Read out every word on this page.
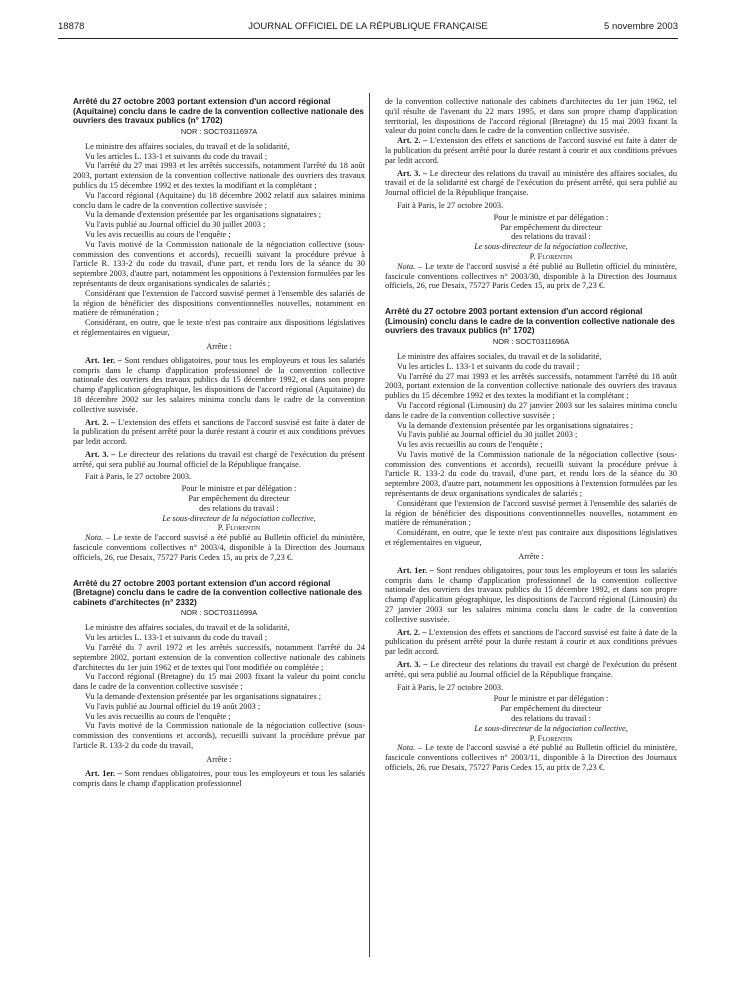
18878	JOURNAL OFFICIEL DE LA RÉPUBLIQUE FRANÇAISE	5 novembre 2003
Arrêté du 27 octobre 2003 portant extension d'un accord régional (Aquitaine) conclu dans le cadre de la convention collective nationale des ouvriers des travaux publics (n° 1702)
NOR : SOCT0311697A

Le ministre des affaires sociales, du travail et de la solidarité,

Vu les articles L. 133-1 et suivants du code du travail ;

Vu l'arrêté du 27 mai 1993 et les arrêtés successifs, notamment l'arrêté du 18 août 2003, portant extension de la convention collective nationale des ouvriers des travaux publics du 15 décembre 1992 et des textes la modifiant et la complétant ;

Vu l'accord régional (Aquitaine) du 18 décembre 2002 relatif aux salaires minima conclu dans le cadre de la convention collective susvisée ;

Vu la demande d'extension présentée par les organisations signataires ;

Vu l'avis publié au Journal officiel du 30 juillet 2003 ;

Vu les avis recueillis au cours de l'enquête ;

Vu l'avis motivé de la Commission nationale de la négociation collective (sous-commission des conventions et accords), recueilli suivant la procédure prévue à l'article R. 133-2 du code du travail, d'une part, et rendu lors de la séance du 30 septembre 2003, d'autre part, notamment les oppositions à l'extension formulées par les représentants de deux organisations syndicales de salariés ;

Considérant que l'extension de l'accord susvisé permet à l'ensemble des salariés de la région de bénéficier des dispositions conventionnelles nouvelles, notamment en matière de rémunération ;

Considérant, en outre, que le texte n'est pas contraire aux dispositions législatives et réglementaires en vigueur,

Arrête :

Art. 1er. – Sont rendues obligatoires, pour tous les employeurs et tous les salariés compris dans le champ d'application professionnel de la convention collective nationale des ouvriers des travaux publics du 15 décembre 1992, et dans son propre champ d'application géographique, les dispositions de l'accord régional (Aquitaine) du 18 décembre 2002 sur les salaires minima conclu dans le cadre de la convention collective susvisée.

Art. 2. – L'extension des effets et sanctions de l'accord susvisé est faite à dater de la publication du présent arrêté pour la durée restant à courir et aux conditions prévues par ledit accord.

Art. 3. – Le directeur des relations du travail est chargé de l'exécution du présent arrêté, qui sera publié au Journal officiel de la République française.

Fait à Paris, le 27 octobre 2003.

Pour le ministre et par délégation :
Par empêchement du directeur
des relations du travail :
Le sous-directeur de la négociation collective,
P. Florentin

Nota. – Le texte de l'accord susvisé a été publié au Bulletin officiel du ministère, fascicule conventions collectives n° 2003/4, disponible à la Direction des Journaux officiels, 26, rue Desaix, 75727 Paris Cedex 15, au prix de 7,23 €.

Arrêté du 27 octobre 2003 portant extension d'un accord régional (Bretagne) conclu dans le cadre de la convention collective nationale des cabinets d'architectes (n° 2332)
NOR : SOCT0311699A

Le ministre des affaires sociales, du travail et de la solidarité,

Vu les articles L. 133-1 et suivants du code du travail ;

Vu l'arrêté du 7 avril 1972 et les arrêtés successifs, notamment l'arrêté du 24 septembre 2002, portant extension de la convention collective nationale des cabinets d'architectes du 1er juin 1962 et de textes qui l'ont modifiée ou complétée ;

Vu l'accord régional (Bretagne) du 15 mai 2003 fixant la valeur du point conclu dans le cadre de la convention collective susvisée ;

Vu la demande d'extension présentée par les organisations signataires ;

Vu l'avis publié au Journal officiel du 19 août 2003 ;

Vu les avis recueillis au cours de l'enquête ;

Vu l'avis motivé de la Commission nationale de la négociation collective (sous-commission des conventions et accords), recueilli suivant la procédure prévue par l'article R. 133-2 du code du travail,

Arrête :

Art. 1er. – Sont rendues obligatoires, pour tous les employeurs et tous les salariés compris dans le champ d'application professionnel

de la convention collective nationale des cabinets d'architectes du 1er juin 1962, tel qu'il résulte de l'avenant du 22 mars 1995, et dans son propre champ d'application territorial, les dispositions de l'accord régional (Bretagne) du 15 mai 2003 fixant la valeur du point conclu dans le cadre de la convention collective susvisée.

Art. 2. – L'extension des effets et sanctions de l'accord susvisé est faite à dater de la publication du présent arrêté pour la durée restant à courir et aux conditions prévues par ledit accord.

Art. 3. – Le directeur des relations du travail au ministère des affaires sociales, du travail et de la solidarité est chargé de l'exécution du présent arrêté, qui sera publié au Journal officiel de la République française.

Fait à Paris, le 27 octobre 2003.

Pour le ministre et par délégation :
Par empêchement du directeur
des relations du travail :
Le sous-directeur de la négociation collective,
P. Florentin

Nota. – Le texte de l'accord susvisé a été publié au Bulletin officiel du ministère, fascicule conventions collectives n° 2003/30, disponible à la Direction des Journaux officiels, 26, rue Desaix, 75727 Paris Cedex 15, au prix de 7,23 €.

Arrêté du 27 octobre 2003 portant extension d'un accord régional (Limousin) conclu dans le cadre de la convention collective nationale des ouvriers des travaux publics (n° 1702)
NOR : SOCT0311696A

Le ministre des affaires sociales, du travail et de la solidarité,

Vu les articles L. 133-1 et suivants du code du travail ;

Vu l'arrêté du 27 mai 1993 et les arrêtés successifs, notamment l'arrêté du 18 août 2003, portant extension de la convention collective nationale des ouvriers des travaux publics du 15 décembre 1992 et des textes la modifiant et la complétant ;

Vu l'accord régional (Limousin) du 27 janvier 2003 sur les salaires minima conclu dans le cadre de la convention collective susvisée ;

Vu la demande d'extension présentée par les organisations signataires ;

Vu l'avis publié au Journal officiel du 30 juillet 2003 ;

Vu les avis recueillis au cours de l'enquête ;

Vu l'avis motivé de la Commission nationale de la négociation collective (sous-commission des conventions et accords), recueilli suivant la procédure prévue à l'article R. 133-2 du code du travail, d'une part, et rendu lors de la séance du 30 septembre 2003, d'autre part, notamment les oppositions à l'extension formulées par les représentants de deux organisations syndicales de salariés ;

Considérant que l'extension de l'accord susvisé permet à l'ensemble des salariés de la région de bénéficier des dispositions conventionnelles nouvelles, notamment en matière de rémunération ;

Considérant, en outre, que le texte n'est pas contraire aux dispositions législatives et réglementaires en vigueur,

Arrête :

Art. 1er. – Sont rendues obligatoires, pour tous les employeurs et tous les salariés compris dans le champ d'application professionnel de la convention collective nationale des ouvriers des travaux publics du 15 décembre 1992, et dans son propre champ d'application géographique, les dispositions de l'accord régional (Limousin) du 27 janvier 2003 sur les salaires minima conclu dans le cadre de la convention collective susvisée.

Art. 2. – L'extension des effets et sanctions de l'accord susvisé est faite à date de la publication du présent arrêté pour la durée restant à courir et aux conditions prévues par ledit accord.

Art. 3. – Le directeur des relations du travail est chargé de l'exécution du présent arrêté, qui sera publié au Journal officiel de la République française.

Fait à Paris, le 27 octobre 2003.

Pour le ministre et par délégation :
Par empêchement du directeur
des relations du travail :
Le sous-directeur de la négociation collective,
P. Florentin

Nota. – Le texte de l'accord susvisé a été publié au Bulletin officiel du ministère, fascicule conventions collectives n° 2003/11, disponible à la Direction des Journaux officiels, 26, rue Desaix, 75727 Paris Cedex 15, au prix de 7,23 €.
